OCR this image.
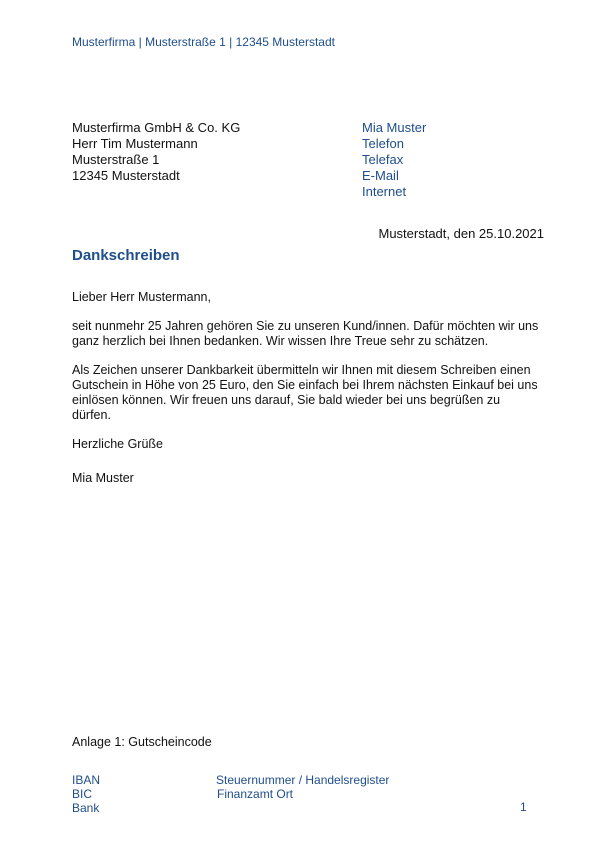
Musterfirma | Musterstraße 1 | 12345 Musterstadt
Musterfirma GmbH & Co. KG
Herr Tim Mustermann
Musterstraße 1
12345 Musterstadt
Mia Muster
Telefon
Telefax
E-Mail
Internet
Musterstadt, den 25.10.2021
Dankschreiben

Lieber Herr Mustermann,

seit nunmehr 25 Jahren gehören Sie zu unseren Kund/innen. Dafür möchten wir uns
ganz herzlich bei Ihnen bedanken. Wir wissen Ihre Treue sehr zu schätzen.

Als Zeichen unserer Dankbarkeit übermitteln wir Ihnen mit diesem Schreiben einen
Gutschein in Höhe von 25 Euro, den Sie einfach bei Ihrem nächsten Einkauf bei uns
einlösen können. Wir freuen uns darauf, Sie bald wieder bei uns begrüßen zu dürfen.

Herzliche Grüße

Mia Muster
Anlage 1: Gutscheincode
IBAN
BIC
Bank
Steuernummer / Handelsregister
Finanzamt Ort
1
